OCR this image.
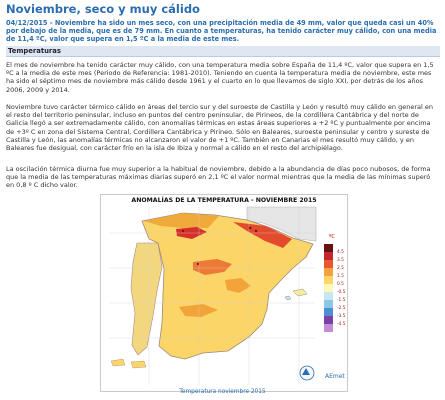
Noviembre, seco y muy cálido
04/12/2015 - Noviembre ha sido un mes seco, con una precipitación media de 49 mm, valor que queda casi un 40% por debajo de la media, que es de 79 mm. En cuanto a temperaturas, ha tenido carácter muy cálido, con una media de 11,4 ºC, valor que supera en 1,5 ºC a la media de este mes.
Temperaturas
El mes de noviembre ha tenido carácter muy cálido, con una temperatura media sobre España de 11,4 ºC, valor que supera en 1,5 ºC a la media de este mes (Periodo de Referencia: 1981-2010). Teniendo en cuenta la temperatura media de noviembre, este mes ha sido el séptimo mes de noviembre más cálido desde 1961 y el cuarto en lo que llevamos de siglo XXI, por detrás de los años 2006, 2009 y 2014.
Noviembre tuvo carácter térmico cálido en áreas del tercio sur y del suroeste de Castilla y León y resultó muy cálido en general en el resto del territorio peninsular, incluso en puntos del centro peninsular, de Pirineos, de la cordillera Cantábrica y del norte de Galicia llegó a ser extremadamente cálido, con anomalías térmicas en estas áreas superiores a +2 ºC y puntualmente por encima de +3º C en zona del Sistema Central, Cordillera Cantábrica y Pirineo. Sólo en Baleares, suroeste peninsular y centro y sureste de Castilla y León, las anomalías térmicas no alcanzaron el valor de +1 ºC. También en Canarias el mes resultó muy cálido, y en Baleares fue desigual, con carácter frío en la isla de Ibiza y normal a cálido en el resto del archipiélago.
La oscilación térmica diurna fue muy superior a la habitual de noviembre, debido a la abundancia de días poco nubosos, de forma que la media de las temperaturas máximas diarias superó en 2,1 ºC el valor normal mientras que la media de las mínimas superó en 0,8 º C dicho valor.
ANOMALÍAS DE LA TEMPERATURA - NOVIEMBRE 2015
ºC
4.5
3.5
2.5
1.5
0.5
-0.5
-1.5
-2.5
-3.5
-4.5
AEmet
Temperatura noviembre 2015
